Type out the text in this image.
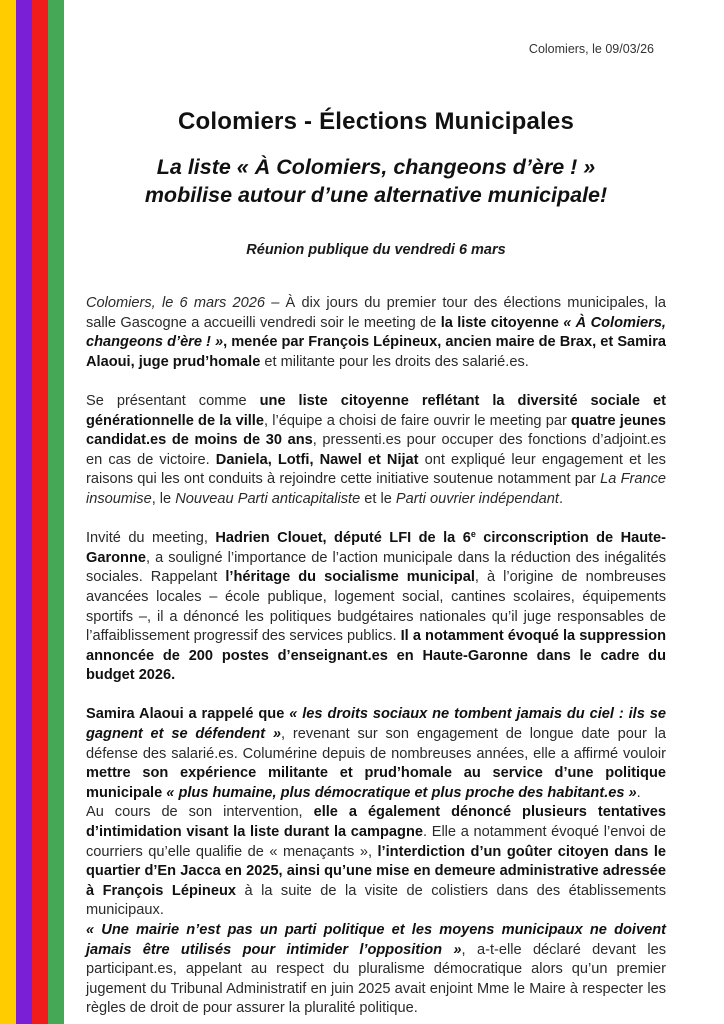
Colomiers, le 09/03/26
Colomiers - Élections Municipales
La liste « À Colomiers, changeons d’ère ! »
mobilise autour d’une alternative municipale!
Réunion publique du vendredi 6 mars

Colomiers, le 6 mars 2026 – À dix jours du premier tour des élections municipales, la salle Gascogne a accueilli vendredi soir le meeting de la liste citoyenne « À Colomiers, changeons d’ère ! », menée par François Lépineux, ancien maire de Brax, et Samira Alaoui, juge prud’homale et militante pour les droits des salarié.es.

Se présentant comme une liste citoyenne reflétant la diversité sociale et générationnelle de la ville, l’équipe a choisi de faire ouvrir le meeting par quatre jeunes candidat.es de moins de 30 ans, pressenti.es pour occuper des fonctions d’adjoint.es en cas de victoire. Daniela, Lotfi, Nawel et Nijat ont expliqué leur engagement et les raisons qui les ont conduits à rejoindre cette initiative soutenue notamment par La France insoumise, le Nouveau Parti anticapitaliste et le Parti ouvrier indépendant.

Invité du meeting, Hadrien Clouet, député LFI de la 6e circonscription de Haute-Garonne, a souligné l’importance de l’action municipale dans la réduction des inégalités sociales. Rappelant l’héritage du socialisme municipal, à l’origine de nombreuses avancées locales – école publique, logement social, cantines scolaires, équipements sportifs –, il a dénoncé les politiques budgétaires nationales qu’il juge responsables de l’affaiblissement progressif des services publics. Il a notamment évoqué la suppression annoncée de 200 postes d’enseignant.es en Haute-Garonne dans le cadre du budget 2026.

Samira Alaoui a rappelé que « les droits sociaux ne tombent jamais du ciel : ils se gagnent et se défendent », revenant sur son engagement de longue date pour la défense des salarié.es. Columérine depuis de nombreuses années, elle a affirmé vouloir mettre son expérience militante et prud’homale au service d’une politique municipale « plus humaine, plus démocratique et plus proche des habitant.es ».

Au cours de son intervention, elle a également dénoncé plusieurs tentatives d’intimidation visant la liste durant la campagne. Elle a notamment évoqué l’envoi de courriers qu’elle qualifie de « menaçants », l’interdiction d’un goûter citoyen dans le quartier d’En Jacca en 2025, ainsi qu’une mise en demeure administrative adressée à François Lépineux à la suite de la visite de colistiers dans des établissements municipaux.

« Une mairie n’est pas un parti politique et les moyens municipaux ne doivent jamais être utilisés pour intimider l’opposition », a-t-elle déclaré devant les participant.es, appelant au respect du pluralisme démocratique alors qu’un premier jugement du Tribunal Administratif en juin 2025 avait enjoint Mme le Maire à respecter les règles de droit de pour assurer la pluralité politique.
